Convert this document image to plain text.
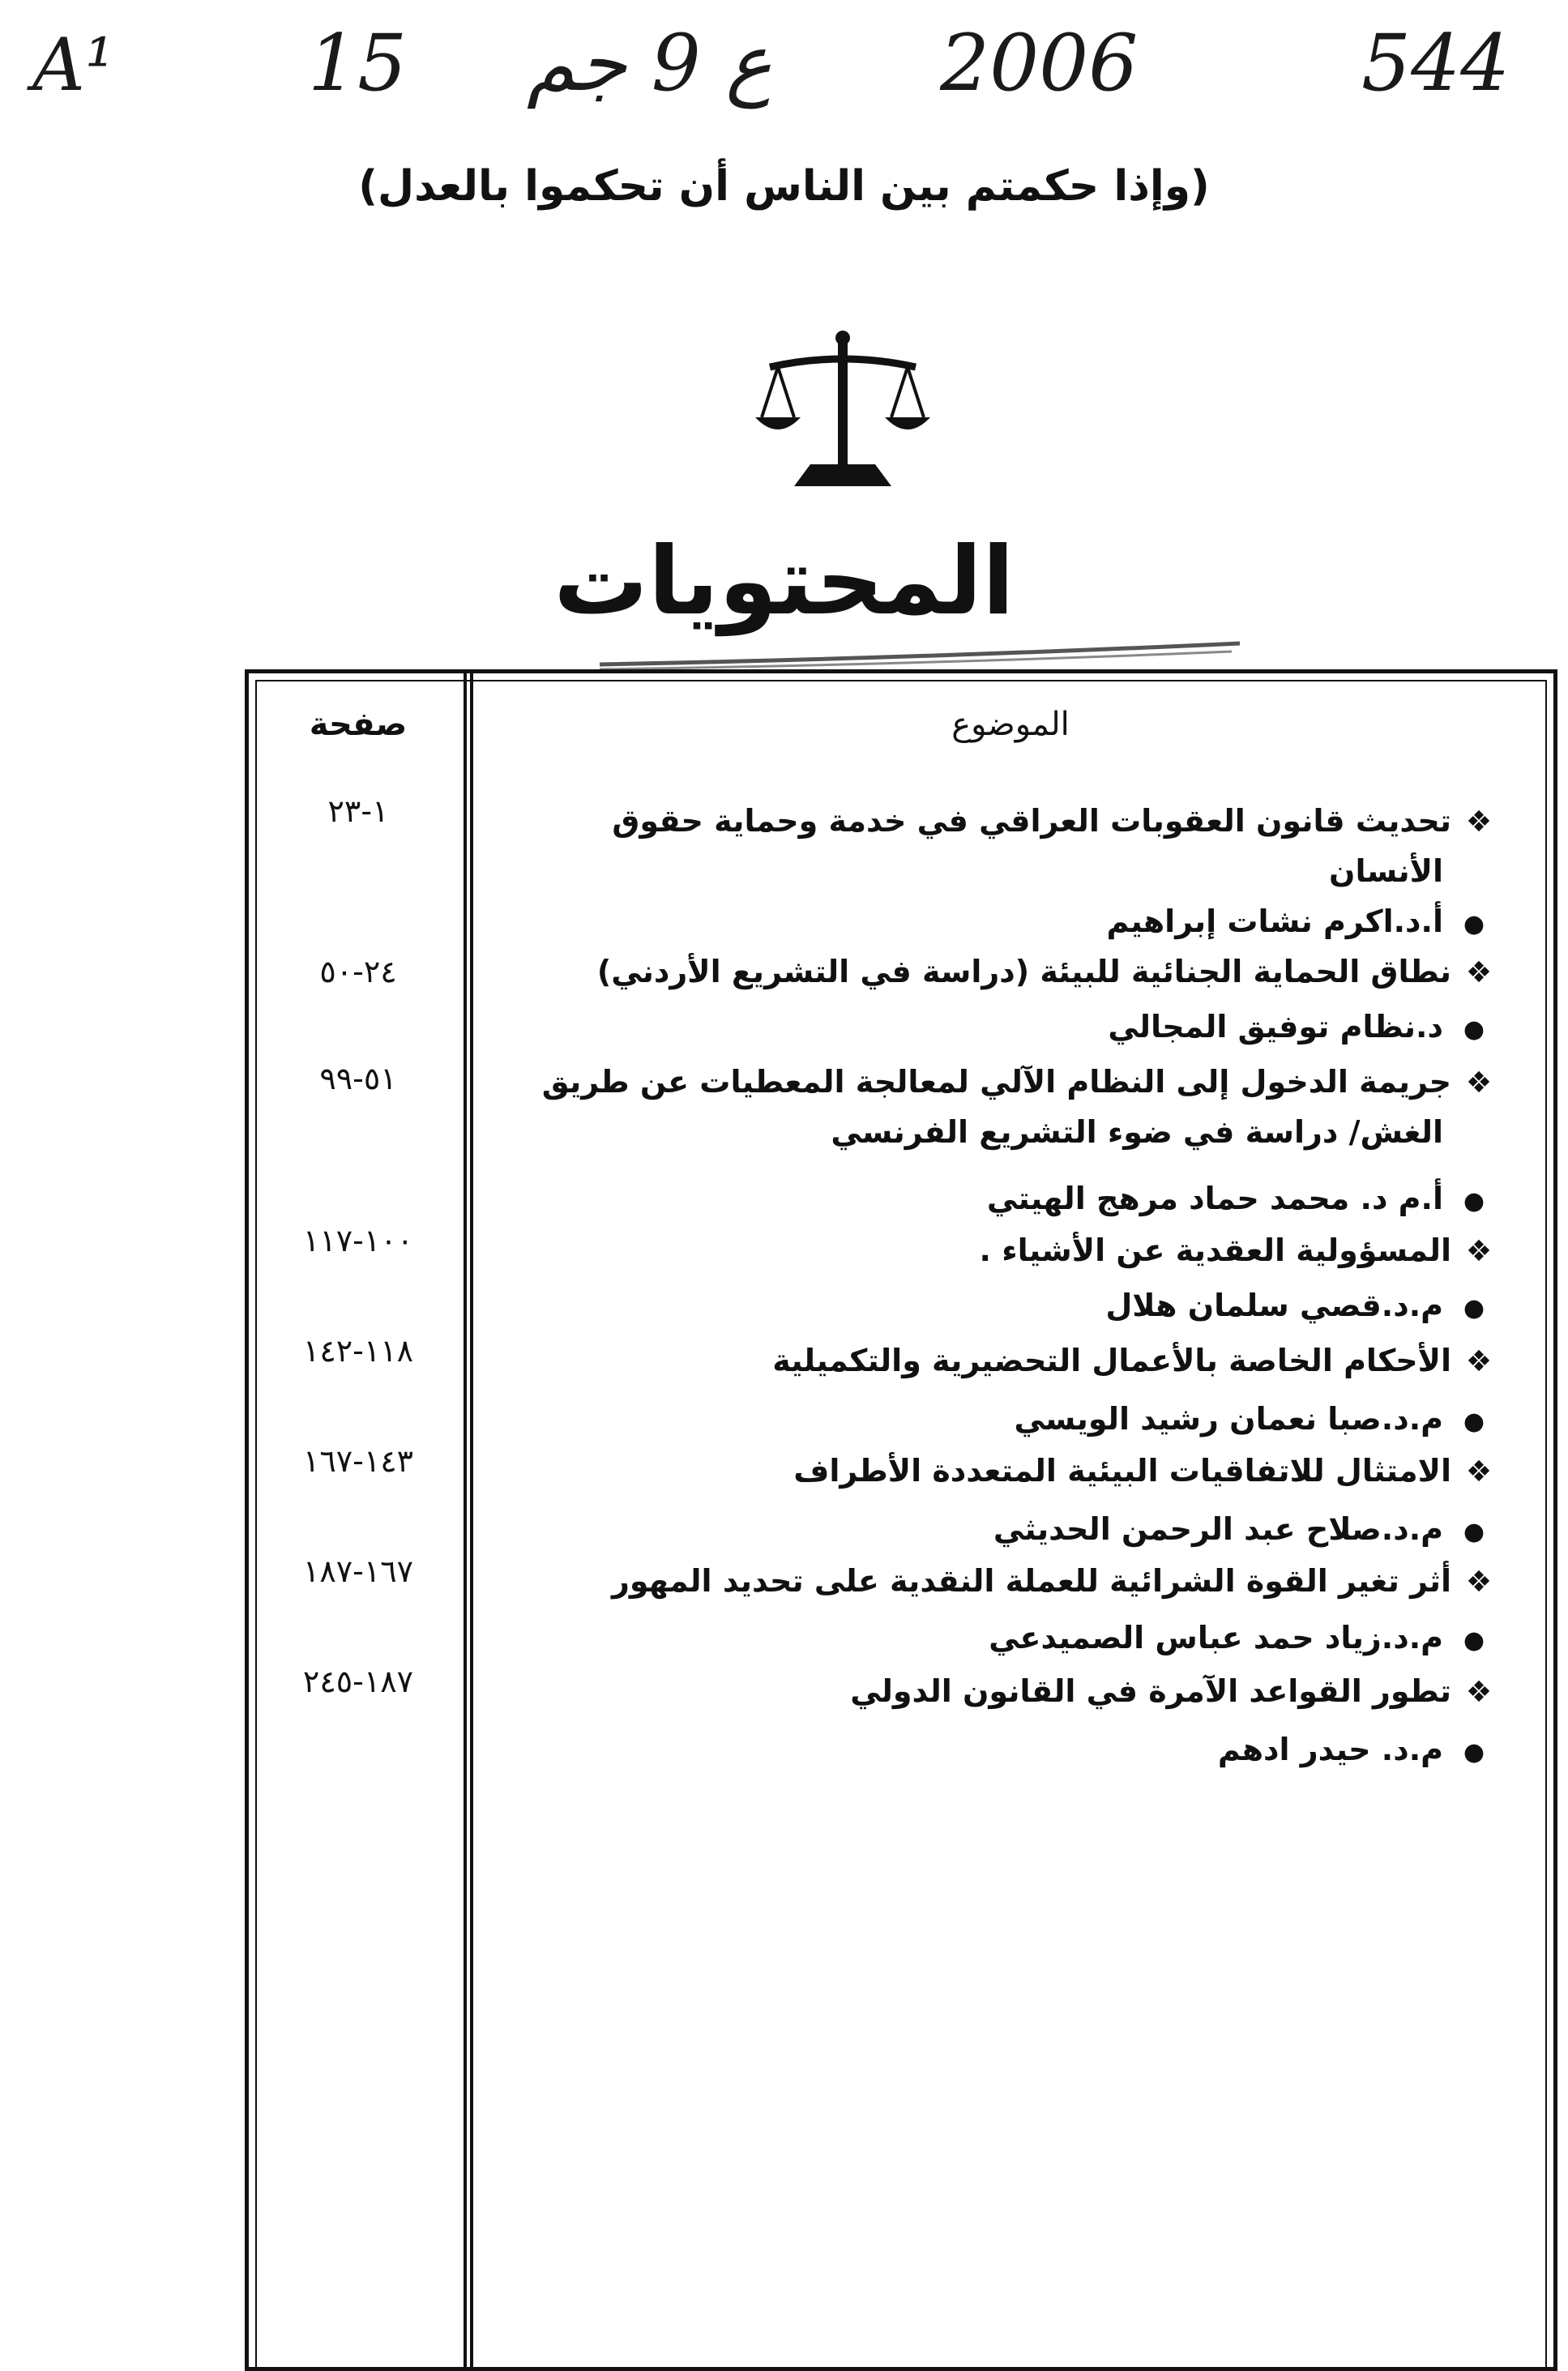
A¹ 15 ع 9 جم 2006	544
(وإذا حكمتم بين الناس أن تحكموا بالعدل)
المحتويات
صفحة	الموضوع
١-٢٣	❖تحديث قانون العقوبات العراقي في خدمة وحماية حقوق
الأنسان
●أ.د.اكرم نشات إبراهيم
٢٤-٥٠	❖نطاق الحماية الجنائية للبيئة (دراسة في التشريع الأردني)
●د.نظام توفيق المجالي
٥١-٩٩	❖جريمة الدخول إلى النظام الآلي لمعالجة المعطيات عن طريق
الغش/ دراسة في ضوء التشريع الفرنسي
●أ.م د. محمد حماد مرهج الهيتي
١٠٠-١١٧	❖المسؤولية العقدية عن الأشياء .
●م.د.قصي سلمان هلال
١١٨-١٤٢	❖الأحكام الخاصة بالأعمال التحضيرية والتكميلية
●م.د.صبا نعمان رشيد الويسي
١٤٣-١٦٧	❖الامتثال للاتفاقيات البيئية المتعددة الأطراف
●م.د.صلاح عبد الرحمن الحديثي
١٦٧-١٨٧	❖أثر تغير القوة الشرائية للعملة النقدية على تحديد المهور
●م.د.زياد حمد عباس الصميدعي
١٨٧-٢٤٥	❖تطور القواعد الآمرة في القانون الدولي
●م.د. حيدر ادهم
